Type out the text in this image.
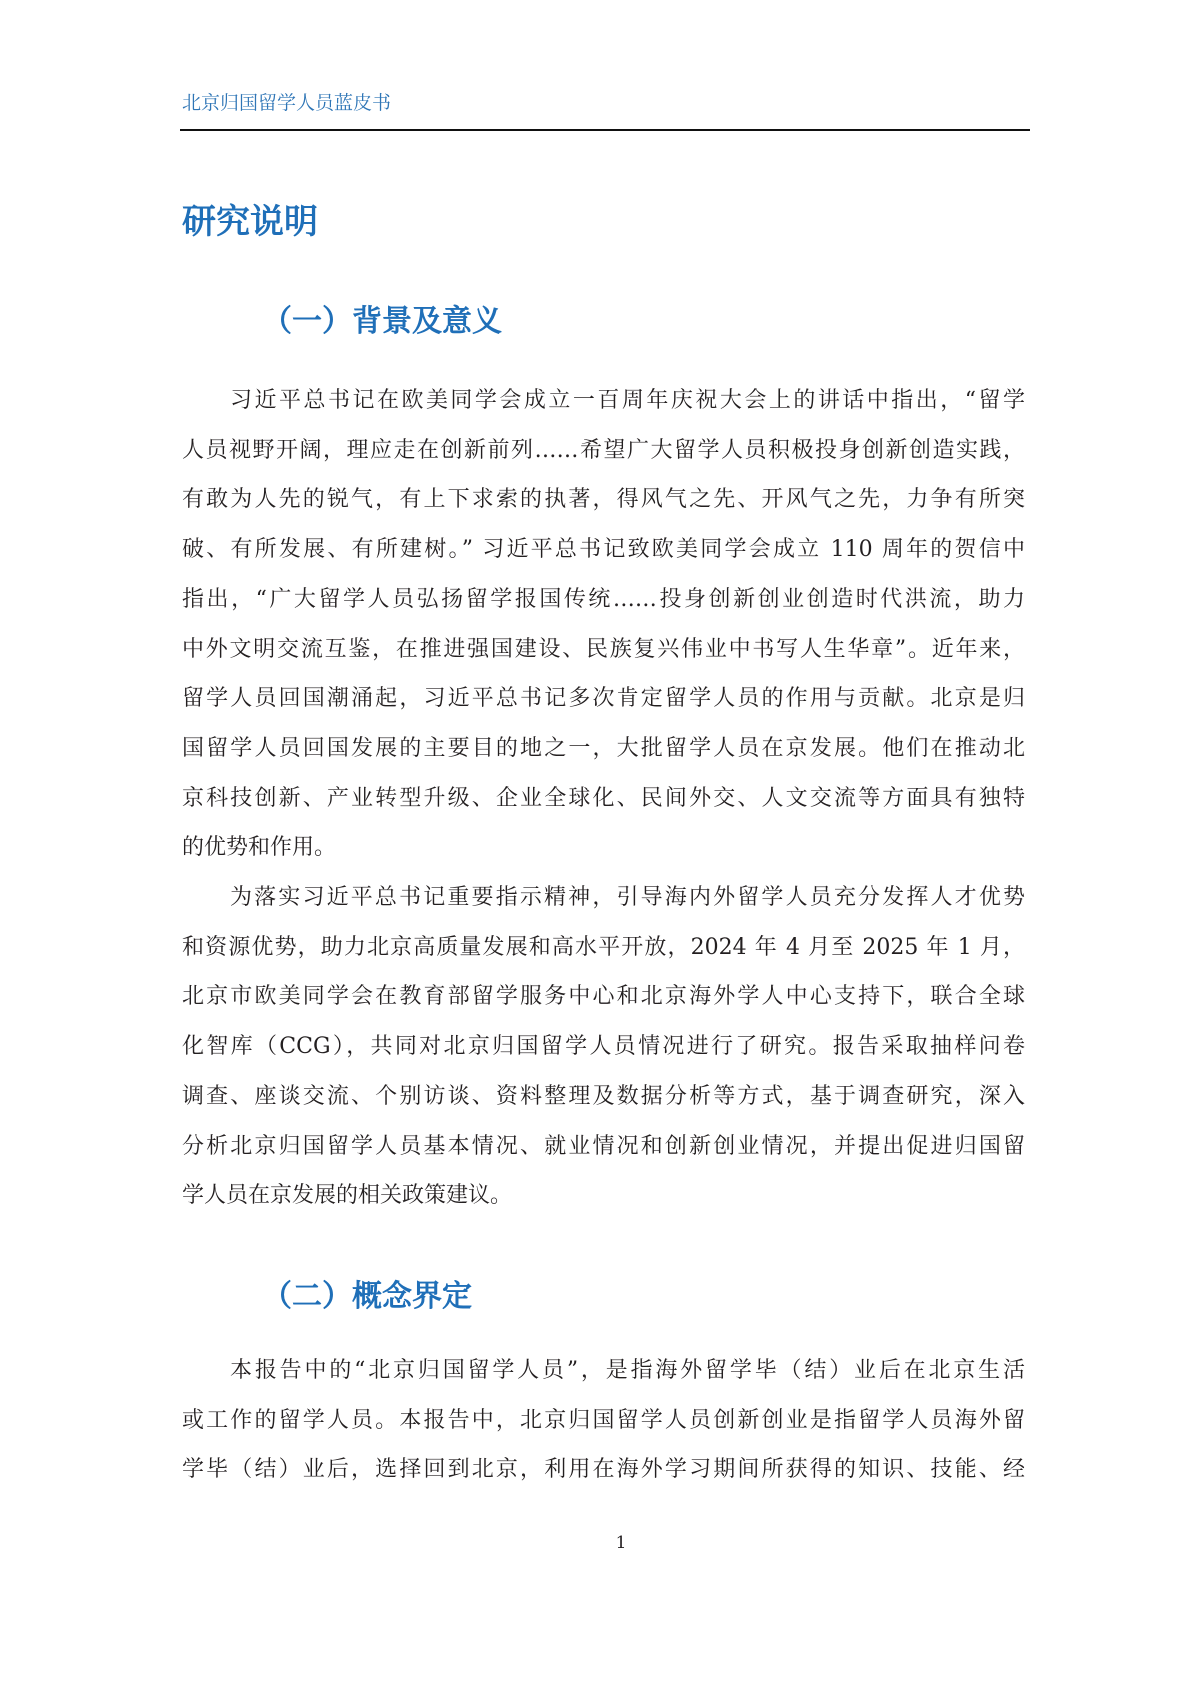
北京归国留学人员蓝皮书
研究说明
（一）背景及意义
（二）概念界定
习近平总书记在欧美同学会成立一百周年庆祝大会上的讲话中指出，“留学
人员视野开阔，理应走在创新前列……希望广大留学人员积极投身创新创造实践，
有敢为人先的锐气，有上下求索的执著，得风气之先、开风气之先，力争有所突
破、有所发展、有所建树。” 习近平总书记致欧美同学会成立 110 周年的贺信中
指出，“广大留学人员弘扬留学报国传统……投身创新创业创造时代洪流，助力
中外文明交流互鉴，在推进强国建设、民族复兴伟业中书写人生华章”。近年来，
留学人员回国潮涌起，习近平总书记多次肯定留学人员的作用与贡献。北京是归
国留学人员回国发展的主要目的地之一，大批留学人员在京发展。他们在推动北
京科技创新、产业转型升级、企业全球化、民间外交、人文交流等方面具有独特
的优势和作用。
为落实习近平总书记重要指示精神，引导海内外留学人员充分发挥人才优势
和资源优势，助力北京高质量发展和高水平开放，2024 年 4 月至 2025 年 1 月，
北京市欧美同学会在教育部留学服务中心和北京海外学人中心支持下，联合全球
化智库（CCG），共同对北京归国留学人员情况进行了研究。报告采取抽样问卷
调查、座谈交流、个别访谈、资料整理及数据分析等方式，基于调查研究，深入
分析北京归国留学人员基本情况、就业情况和创新创业情况，并提出促进归国留
学人员在京发展的相关政策建议。
本报告中的“北京归国留学人员”，是指海外留学毕（结）业后在北京生活
或工作的留学人员。本报告中，北京归国留学人员创新创业是指留学人员海外留
学毕（结）业后，选择回到北京，利用在海外学习期间所获得的知识、技能、经
1
